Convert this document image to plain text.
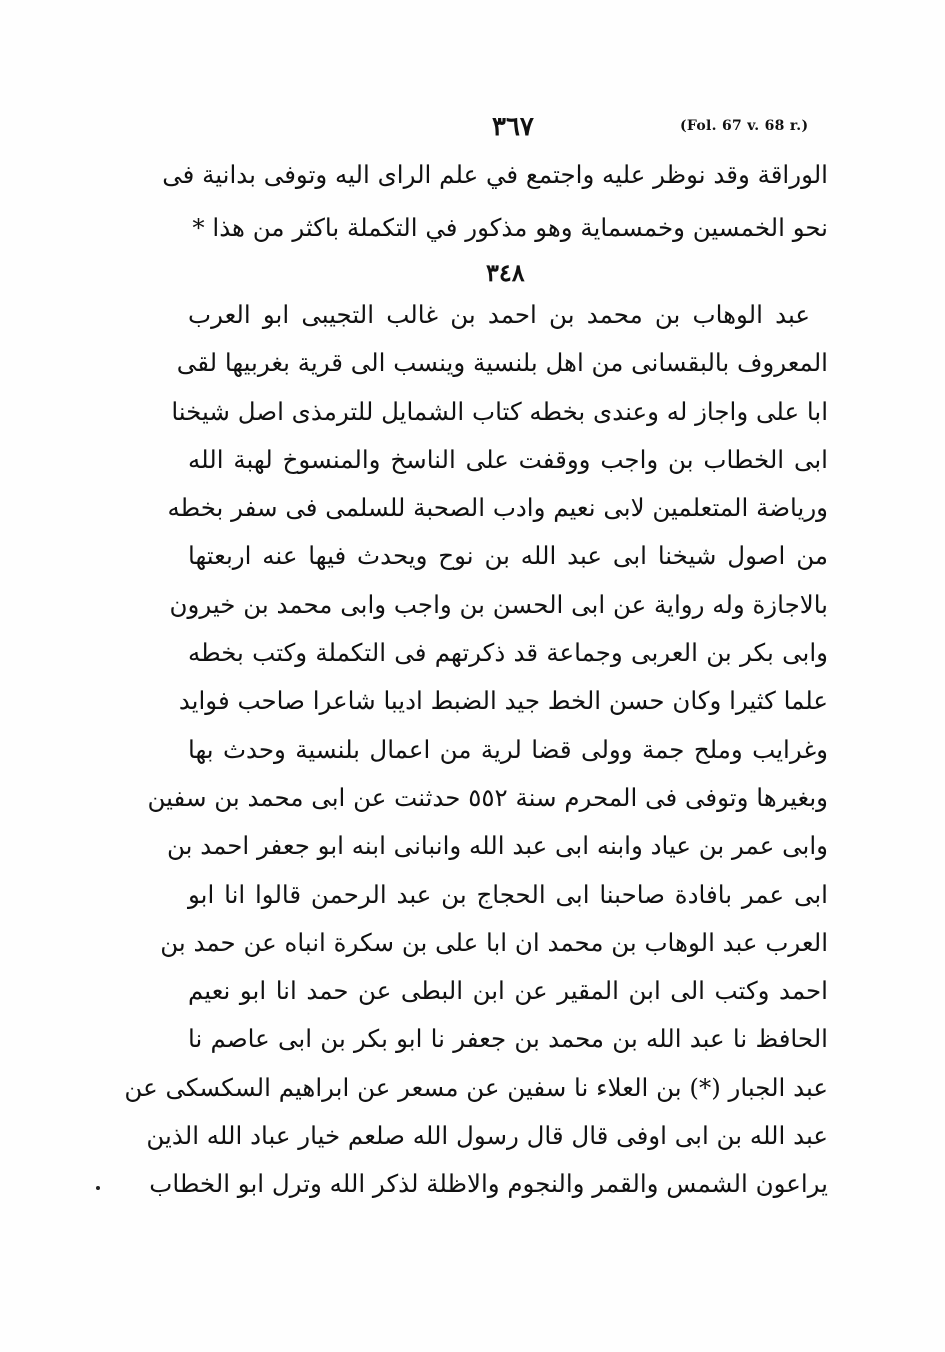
٣٦٧	(Fol. 67 v. 68 r.)
الوراقة وقد نوظر عليه واجتمع في علم الراى اليه وتوفى بدانية فى
نحو الخمسين وخمسماية وهو مذكور في التكملة باكثر من هذا *
٣٤٨
عبد الوهاب بن محمد بن احمد بن غالب التجيبى ابو العرب
المعروف بالبقسانى من اهل بلنسية وينسب الى قرية بغربيها لقى
ابا على واجاز له وعندى بخطه كتاب الشمايل للترمذى اصل شيخنا
ابى الخطاب بن واجب ووقفت على الناسخ والمنسوخ لهبة الله
ورياضة المتعلمين لابى نعيم وادب الصحبة للسلمى فى سفر بخطه
من اصول شيخنا ابى عبد الله بن نوح ويحدث فيها عنه اربعتها
بالاجازة وله رواية عن ابى الحسن بن واجب وابى محمد بن خيرون
وابى بكر بن العربى وجماعة قد ذكرتهم فى التكملة وكتب بخطه
علما كثيرا وكان حسن الخط جيد الضبط اديبا شاعرا صاحب فوايد
وغرايب وملح جمة وولى قضا لرية من اعمال بلنسية وحدث بها
وبغيرها وتوفى فى المحرم سنة ٥٥٢ حدثنت عن ابى محمد بن سفين
وابى عمر بن عياد وابنه ابى عبد الله وانبانى ابنه ابو جعفر احمد بن
ابى عمر بافادة صاحبنا ابى الحجاج بن عبد الرحمن قالوا انا ابو
العرب عبد الوهاب بن محمد ان ابا على بن سكرة انباه عن حمد بن
احمد وكتب الى ابن المقير عن ابن البطى عن حمد انا ابو نعيم
الحافظ نا عبد الله بن محمد بن جعفر نا ابو بكر بن ابى عاصم نا
عبد الجبار (*) بن العلاء نا سفين عن مسعر عن ابراهيم السكسكى عن
عبد الله بن ابى اوفى قال قال رسول الله صلعم خيار عباد الله الذين
يراعون الشمس والقمر والنجوم والاظلة لذكر الله وترل ابو الخطاب
